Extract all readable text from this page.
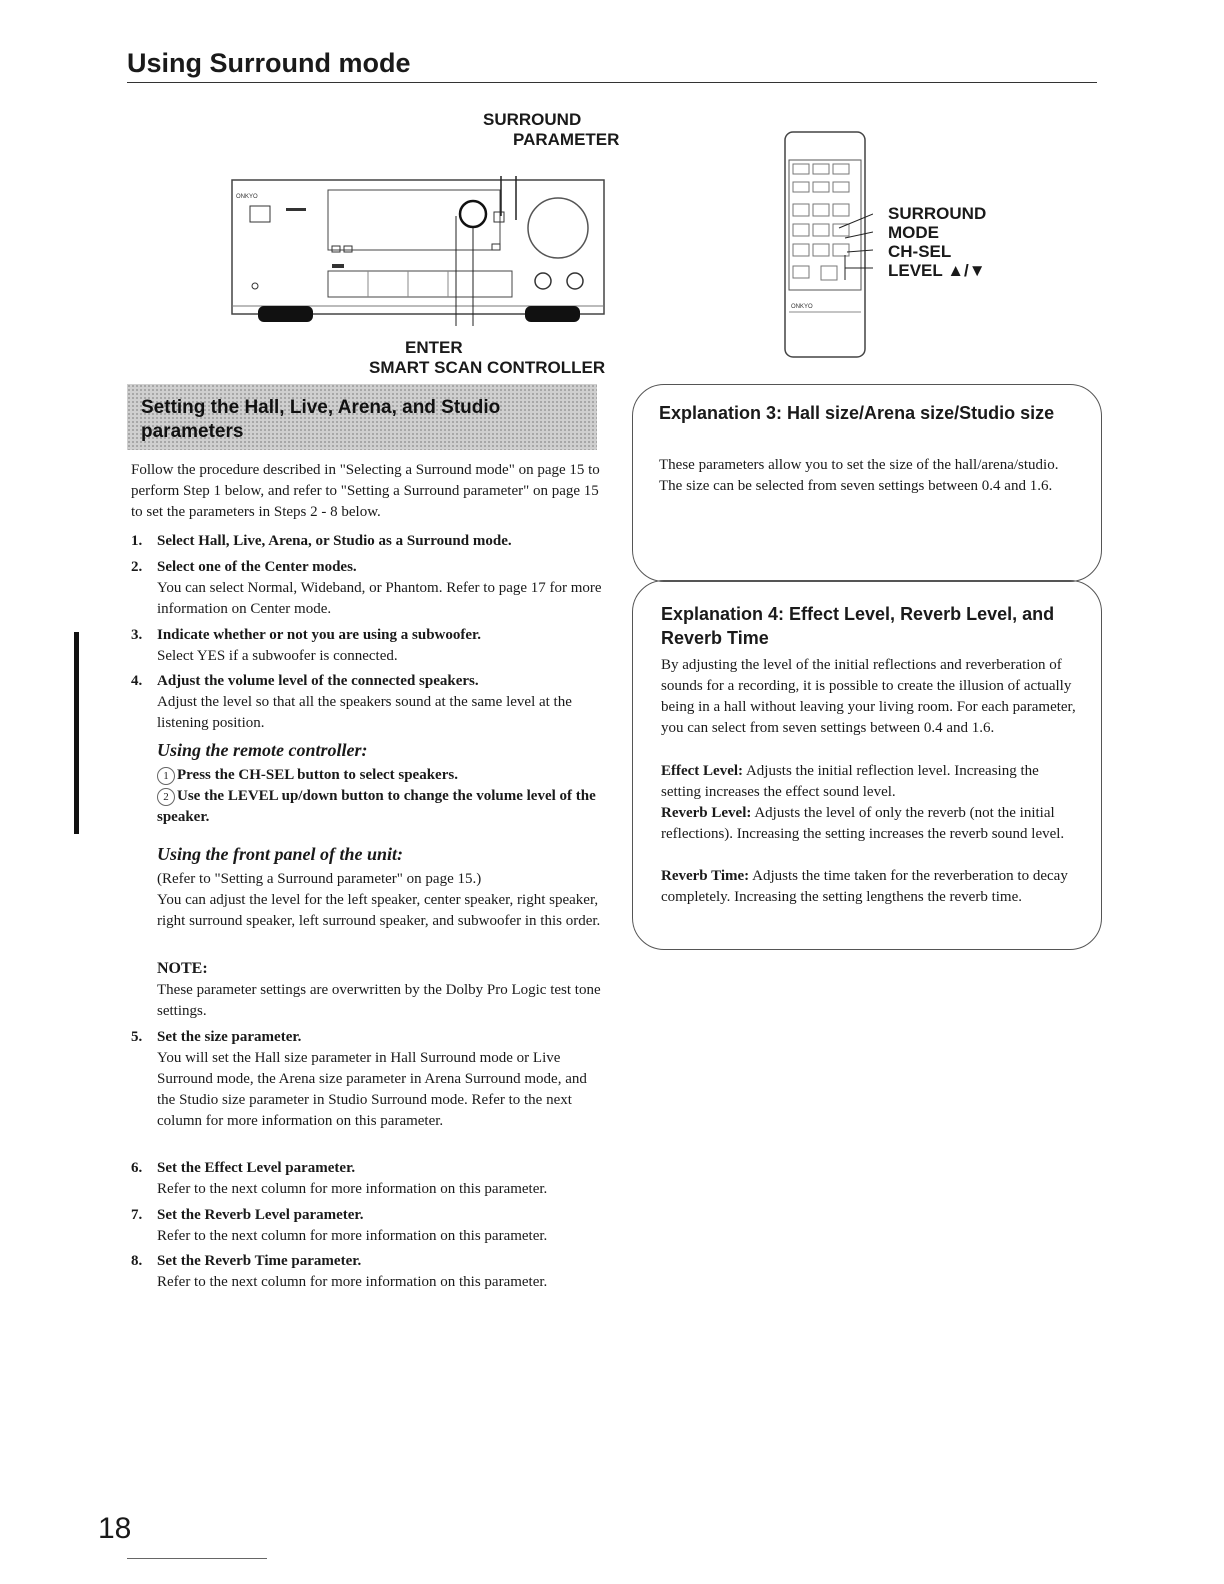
Using Surround mode
SURROUND
PARAMETER
ENTER
SMART SCAN CONTROLLER
ONKYO
ONKYO
SURROUND
MODE
CH-SEL
LEVEL ▲/▼
Setting the Hall, Live, Arena, and Studio parameters
Follow the procedure described in "Selecting a Surround mode" on page 15 to perform Step 1 below, and refer to "Setting a Surround parameter" on page 15 to set the parameters in Steps 2 - 8 below.
1. Select Hall, Live, Arena, or Studio as a Surround mode.
2. Select one of the Center modes.
You can select Normal, Wideband, or Phantom. Refer to page 17 for more information on Center mode.
3. Indicate whether or not you are using a subwoofer.
Select YES if a subwoofer is connected.
4. Adjust the volume level of the connected speakers.
Adjust the level so that all the speakers sound at the same level at the listening position.
Using the remote controller:
1 Press the CH-SEL button to select speakers.
2 Use the LEVEL up/down button to change the volume level of the speaker.
Using the front panel of the unit:
(Refer to "Setting a Surround parameter" on page 15.)
You can adjust the level for the left speaker, center speaker, right speaker, right surround speaker, left surround speaker, and subwoofer in this order.
NOTE:
These parameter settings are overwritten by the Dolby Pro Logic test tone settings.
5. Set the size parameter.
You will set the Hall size parameter in Hall Surround mode or Live Surround mode, the Arena size parameter in Arena Surround mode, and the Studio size parameter in Studio Surround mode. Refer to the next column for more information on this parameter.
6. Set the Effect Level parameter.
Refer to the next column for more information on this parameter.
7. Set the Reverb Level parameter.
Refer to the next column for more information on this parameter.
8. Set the Reverb Time parameter.
Refer to the next column for more information on this parameter.
Explanation 3: Hall size/Arena size/Studio size
These parameters allow you to set the size of the hall/arena/studio. The size can be selected from seven settings between 0.4 and 1.6.
Explanation 4: Effect Level, Reverb Level, and Reverb Time
By adjusting the level of the initial reflections and reverberation of sounds for a recording, it is possible to create the illusion of actually being in a hall without leaving your living room. For each parameter, you can select from seven settings between 0.4 and 1.6.
Effect Level: Adjusts the initial reflection level. Increasing the setting increases the effect sound level.
Reverb Level: Adjusts the level of only the reverb (not the initial reflections). Increasing the setting increases the reverb sound level.
Reverb Time: Adjusts the time taken for the reverberation to decay completely. Increasing the setting lengthens the reverb time.
18
